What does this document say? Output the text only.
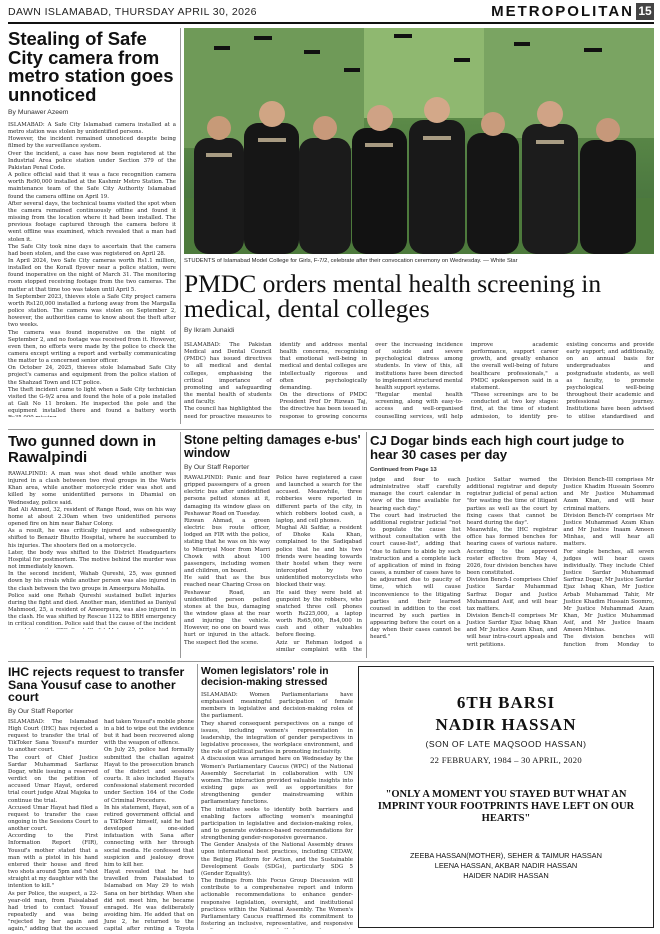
DAWN ISLAMABAD, THURSDAY APRIL 30, 2026	METROPOLITAN 15
Stealing of Safe City camera from metro station goes unnoticed
By Munawer Azeem

ISLAMABAD: A Safe City Islamabad camera installed at a metro station was stolen by unidentified persons.

However, the incident remained unnoticed despite being filmed by the surveillance system.

Over the incident, a case has now been registered at the Industrial Area police station under Section 379 of the Pakistan Penal Code.

A police official said that it was a face recognition camera worth Rs90,000 installed at the Kashmir Metro Station. The maintenance team of the Safe City Authority Islamabad found the camera offline on April 19.

After several days, the technical teams visited the spot when the camera remained continuously offline and found it missing from the location where it had been installed. The previous footage captured through the camera before it went offline was examined, which revealed that a man had stolen it.

The Safe City took nine days to ascertain that the camera had been stolen, and the case was registered on April 28.

In April 2024, two Safe City cameras worth Rs1.1 million, installed on the Korall flyover near a police station, were found inoperative on the night of March 31. The monitoring room stopped receiving footage from the two cameras. The matter at that time too was taken until April 5.

In September 2023, thieves stole a Safe City project camera worth Rs120,000 installed a furlong away from the Margalla police station. The camera was stolen on September 2, however, the authorities came to know about the theft after two weeks.

The camera was found inoperative on the night of September 2, and no footage was received from it. However, even then, no efforts were made by the police to check the camera except writing a report and verbally communicating the matter to a concerned senior officer.

On October 24, 2025, thieves stole Islamabad Safe City project's cameras and equipment from the police station of the Shahzad Town and ICT police.

The theft incident came to light when a Safe City technician visited the G-9/2 area and found the hole of a pole installed at Gali No 11 broken. He inspected the pole and the equipment installed there and found a battery worth

STUDENTS of Islamabad Model College for Girls, F-7/2, celebrate after their convocation ceremony on Wednesday. — White Star
PMDC orders mental health screening in medical, dental colleges
By Ikram Junaidi

ISLAMABAD: The Pakistan Medical and Dental Council (PMDC) has issued directives to all medical and dental colleges, emphasising the critical importance of promoting and safeguarding the mental health of students and faculty.

The council has highlighted the need for proactive measures to identify and address mental health concerns, recognising that emotional well-being in medical and dental colleges are intellectually rigorous and often psychologically demanding.

On the directions of PMDC President Prof Dr Rizwan Taj, the directive has been issued in response to growing concerns over the increasing incidence of suicide and severe psychological distress among students. In view of this, all institutions have been directed to implement structured mental health support systems.

"Regular mental health screening, along with easy-to-access and well-organised counselling services, will help improve academic performance, support career growth, and greatly enhance the overall well-being of future healthcare professionals," a PMDC spokesperson said in a statement.

"These screenings are to be conducted at two key stages: first, at the time of student admission, to identify pre-existing concerns and provide early support; and additionally, on an annual basis for undergraduates and postgraduate students, as well as faculty, to promote psychological well-being throughout their academic and professional journey. Institutions have been advised to utilise standardised and

Two gunned down in Rawalpindi

RAWALPINDI: A man was shot dead while another was injured in a clash between two rival groups in the Waris Khan area, while another motorcycle rider was shot and killed by some unidentified persons in Dhamial on Wednesday, police said.

Bad Ali Ahmed, 32, resident of Range Road, was on his way home at about 2.30am when two unidentified persons opened fire on him near Bahar Colony.

As a result, he was critically injured and subsequently shifted to Benazir Bhutto Hospital, where he succumbed to his injuries. The shooters fled on a motorcycle.

Later, the body was shifted to the District Headquarters Hospital for postmortem. The motive behind the murder was not immediately known.

In the second incident, Wahab Qureshi, 25, was gunned down by his rivals while another person was also injured in the clash between the two groups in Ameerpura Mohalla.

Police said one Rehab Qureshi sustained bullet injuries during the fight and died. Another man, identified as Daniyal Mahmood, 25, a resident of Ameerpura, was also injured in the clash. He was shifted by Rescue 1122 to BBH emergency in critical condition. Police said that the cause of the incident

Stone pelting damages e-bus' window
By Our Staff Reporter

RAWALPINDI: Panic and fear gripped passengers of a green electric bus after unidentified persons pelted stones at it, damaging its window glass on Peshawar Road on Tuesday.

Rizwan Ahmad, a green electric bus route officer, lodged an FIR with the police, stating that he was on his way to Misrriyal Moor from Marri Chowk with about 100 passengers, including women and children, on board.

He said that as the bus reached near Charing Cross on Peshawar Road, an unidentified person pelted stones at the bus, damaging the window glass at the rear and injuring the vehicle. However, no one on board was hurt or injured in the attack. The suspect fled the scene.

Police have registered a case and launched a search for the accused. Meanwhile, three robberies were reported in different parts of the city, in which robbers looted cash, a laptop, and cell phones.

Mughal Ali Safdar, a resident of Dhoke Kala Khan, complained to the Sadiqabad police that he and his two friends were heading towards their hostel when they were intercepted by two unidentified motorcyclists who blocked their way.

He said they were held at gunpoint by the robbers, who snatched three cell phones worth Rs225,000, a laptop worth Rs65,000, Rs4,000 in cash and other valuables before fleeing.

Aziz ur Rehman lodged a similar complaint with the

CJ Dogar binds each high court judge to hear 30 cases per day
Continued from Page 13

judge and four to each administrative staff carefully manage the court calendar in view of the time available for hearing each day."

The court had instructed the additional registrar judicial "not to populate the cause list without consultation with the court cause-list", adding that "due to failure to abide by such instruction and a complete lack of application of mind in fixing cases, a number of cases have to be adjourned due to paucity of time, which will cause inconvenience to the litigating parties and their learned counsel in addition to the cost incurred by such parties in appearing before the court on a day when their cases cannot be heard."

Justice Sattar warned the additional registrar and deputy registrar judicial of penal action "for wasting the time of litigant parties as well as the court by fixing cases that cannot be heard during the day".

Meanwhile, the IHC registrar office has formed benches for hearing cases of various nature. According to the approved roster effective from May 4, 2026, four division benches have been constituted.

Division Bench-I comprises Chief Justice Sardar Muhammad Sarfraz Dogar and Justice Muhammad Asif, and will hear tax matters.

Division Bench-II comprises Mr Justice Sardar Ejaz Ishaq Khan and Mr Justice Azam Khan, and will hear intra-court appeals and writ petitions.

Division Bench-III comprises Mr Justice Khadim Hussain Soomro and Mr Justice Muhammad Azam Khan, and will hear criminal matters.

Division Bench-IV comprises Mr Justice Muhammad Azam Khan and Mr Justice Inaam Ameen Minhas, and will hear all matters.

For single benches, all seven judges will hear cases individually. They include Chief Justice Sardar Muhammad Sarfraz Dogar, Mr Justice Sardar Ejaz Ishaq Khan, Mr Justice Arbab Muhammad Tahir, Mr Justice Khadim Hussain Soomro, Mr Justice Muhammad Azam Khan, Mr Justice Muhammad Asif, and Mr Justice Inaam Ameen Minhas.

The division benches will function from Monday to

IHC rejects request to transfer Sana Yousuf case to another court
By Our Staff Reporter

ISLAMABAD: The Islamabad High Court (IHC) has rejected a request to transfer the trial of TikToker Sana Yousuf's murder to another court.

The court of Chief Justice Sardar Muhammad Sarfaraz Dogar, while issuing a reserved verdict on the petition of accused Umar Hayat, ordered trial court judge Afzal Majoka to continue the trial.

Accused Umar Hayat had filed a request to transfer the case ongoing in the Sessions Court to another court.

According to the First Information Report (FIR), Yousuf's mother stated that a man with a pistol in his hand entered their house and fired two shots around 5pm and "shot straight at my daughter with the intention to kill."

As per Police, the suspect, a 22-year-old man, from Faisalabad had tried to contact Yousuf repeatedly and was being "rejected by her again and again," adding that the accused had taken Yousuf's mobile phone in a bid to wipe out the evidence but it had been recovered along with the weapon of offence.

On July 25, police had formally submitted the challan against Hayat to the prosecution branch of the district and sessions courts. It also included Hayat's confessional statement recorded under Section 164 of the Code of Criminal Procedure.

In his statement, Hayat, son of a retired government official and a TikToker himself, said he had developed a one-sided infatuation with Sana after connecting with her through social media. He confessed that suspicion and jealousy drove him to kill her.

Hayat revealed that he had travelled from Faisalabad to Islamabad on May 29 to wish Sana on her birthday. When she did not meet him, he became enraged. He was deliberately avoiding him. He added that on June 2, he returned to the capital after renting a Toyota

Women legislators' role in decision-making stressed

ISLAMABAD: Women Parliamentarians have emphasised meaningful participation of female members in legislative and decision-making roles of the parliament.

They shared consequent perspectives on a range of issues, including women's representation in leadership, the integration of gender perspectives in legislative processes, the workplace environment, and the role of political parties in promoting inclusivity.

A discussion was arranged here on Wednesday by the Women's Parliamentary Caucus (WPC) of the National Assembly Secretariat in collaboration with UN women.The interaction provided valuable insights into existing gaps as well as opportunities for strengthening gender mainstreaming within parliamentary functions.

The initiative seeks to identify both barriers and enabling factors affecting women's meaningful participation in legislative and decision-making roles, and to generate evidence-based recommendations for strengthening gender-responsive governance.

The Gender Analysis of the National Assembly draws upon international best practices, including CEDAW, the Beijing Platform for Action, and the Sustainable Development Goals (SDGs), particularly SDG 5 (Gender Equality).

The findings from this Focus Group Discussion will contribute to a comprehensive report and inform actionable recommendations to enhance gender-responsive legislation, oversight, and institutional practices within the National Assembly. The Women's Parliamentary Caucus reaffirmed its commitment to fostering an inclusive, representative, and responsive

6TH BARSI
NADIR HASSAN
(SON OF LATE MAQSOOD HASSAN)
22 FEBRUARY, 1984 – 30 APRIL, 2020
"ONLY A MOMENT YOU STAYED BUT WHAT AN IMPRINT YOUR FOOTPRINTS HAVE LEFT ON OUR HEARTS"
ZEEBA HASSAN(MOTHER), SEHER & TAIMUR HASSAN
LEENA HASSAN, AKBAR NADIR HASSAN
HAIDER NADIR HASSAN
